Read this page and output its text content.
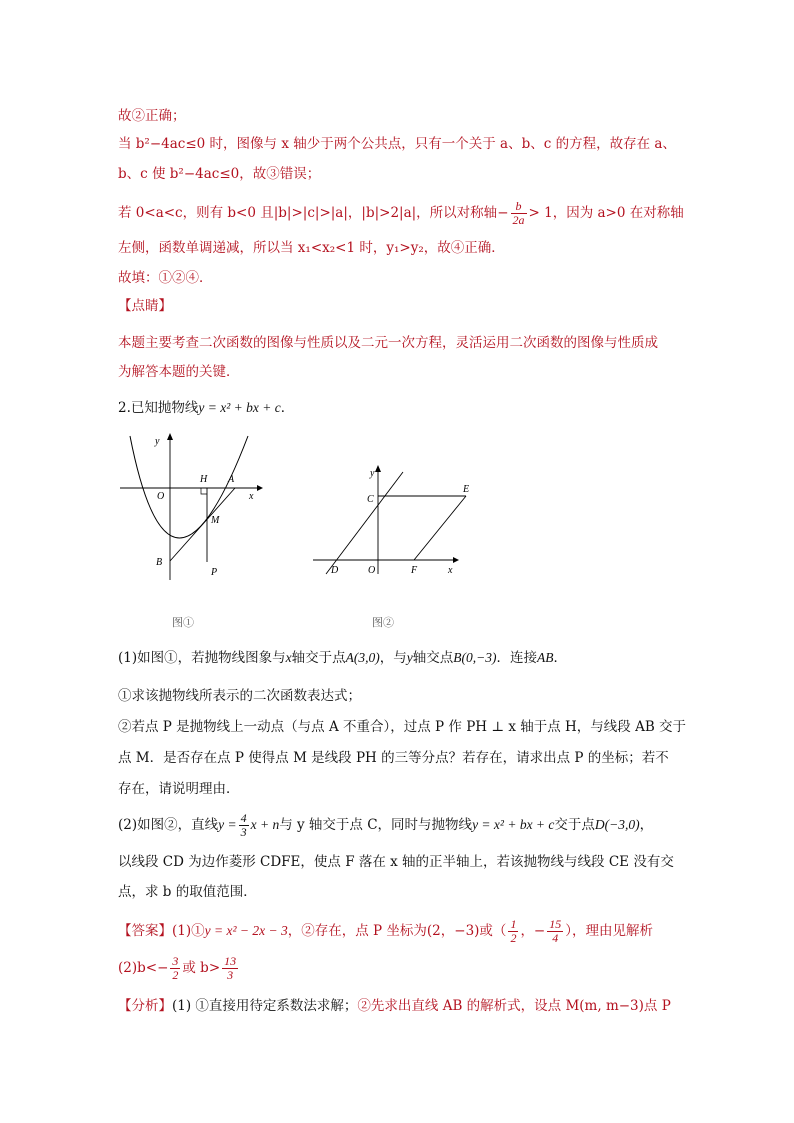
故②正确；
当 b²−4ac≤0 时，图像与 x 轴少于两个公共点，只有一个关于 a、b、c 的方程，故存在 a、
b、c 使 b²−4ac≤0，故③错误；
若 0<a<c，则有 b<0 且|b|>|c|>|a|，|b|>2|a|，所以对称轴− $\frac{b}{2a} > 1$，因为 a>0 在对称轴
左侧，函数单调递减，所以当 x₁<x₂<1 时，y₁>y₂，故④正确．
故填：①②④．
【点睛】
本题主要考查二次函数的图像与性质以及二元一次方程，灵活运用二次函数的图像与性质成
为解答本题的关键．
2.已知抛物线y = x² + bx + c．
y
x
H A
O
M
B
P
图①
y
C
E
D	O	F	x
图②
(1)如图①，若抛物线图象与x轴交于点A(3,0)，与y轴交点B(0,−3)．连接AB．
①求该抛物线所表示的二次函数表达式；
②若点 P 是抛物线上一动点（与点 A 不重合），过点 P 作 PH ⊥ x 轴于点 H，与线段 AB 交于
点 M．是否存在点 P 使得点 M 是线段 PH 的三等分点？若存在，请求出点 P 的坐标；若不
存在，请说明理由．
(2)如图②，直线$y = \frac{4}{3}$ x + n与 y 轴交于点 C，同时与抛物线y = x² + bx + c交于点D(−3,0)，
以线段 CD 为边作菱形 CDFE，使点 F 落在 x 轴的正半轴上，若该抛物线与线段 CE 没有交
点，求 b 的取值范围．
【答案】(1)①y = x² − 2x − 3，②存在，点 P 坐标为(2，−3)或（ $\frac{1}{2}$ ，− $\frac{15}{4}$ ），理由见解析
$(2)b<- \frac{3}{2}$ 或 $b> \frac{13}{3}$
【分析】(1) ①直接用待定系数法求解；②先求出直线 AB 的解析式，设点 M(m, m−3)点 P
